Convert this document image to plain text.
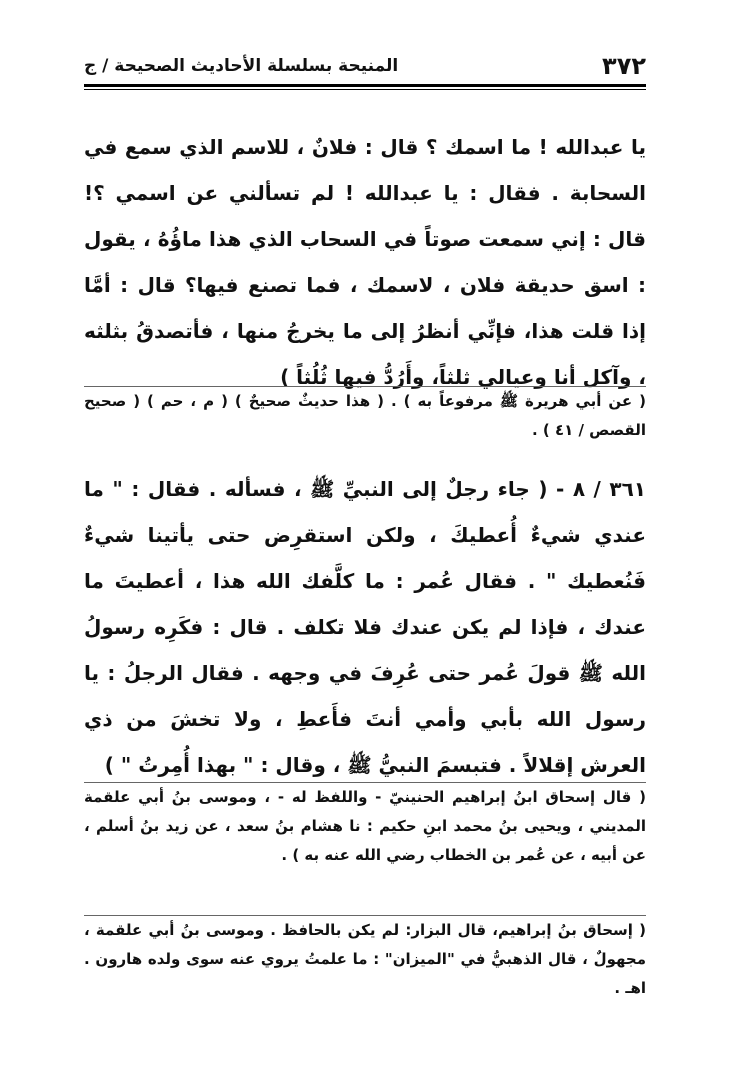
٣٧٢
المنيحة بسلسلة الأحاديث الصحيحة / ج

يا عبدالله ! ما اسمك ؟ قال : فلانٌ ، للاسم الذي سمع في السحابة . فقال : يا عبدالله ! لم تسألني عن اسمي ؟! قال : إني سمعت صوتاً في السحاب الذي هذا ماؤُهُ ، يقول : اسق حديقة فلان ، لاسمك ، فما تصنع فيها؟ قال : أمَّا إذا قلت هذا، فإنِّي أنظرُ إلى ما يخرجُ منها ، فأتصدقُ بثلثه ، وآكل أنا وعيالي ثلثاً، وأَرُدُّ فيها ثُلُثاً )

( عن أبي هريرة ﷺ مرفوعاً به ) . ( هذا حديثٌ صحيحٌ ) ( م ، حم ) ( صحيح القصص / ٤١ ) .

٣٦١ / ٨ - ( جاء رجلٌ إلى النبيِّ ﷺ ، فسأله . فقال : " ما عندي شيءٌ أُعطيكَ ، ولكن استقرِض حتى يأتينا شيءٌ فَنُعطيك " . فقال عُمر : ما كلَّفك الله هذا ، أعطيتَ ما عندك ، فإذا لم يكن عندك فلا تكلف . قال : فكَرِه رسولُ الله ﷺ قولَ عُمر حتى عُرِفَ في وجهه . فقال الرجلُ : يا رسول الله بأبي وأمي أنتَ فأَعطِ ، ولا تخشَ من ذي العرش إقلالاً . فتبسمَ النبيُّ ﷺ ، وقال : " بهذا أُمِرتُ " )

( قال إسحاق ابنُ إبراهيم الحنينيّ - واللفظ له - ، وموسى بنُ أبي علقمة المديني ، ويحيى بنُ محمد ابنِ حكيم : نا هشام بنُ سعد ، عن زيد بنُ أسلم ، عن أبيه ، عن عُمر بن الخطاب رضي الله عنه به ) .

( إسحاق بنُ إبراهيم، قال البزار: لم يكن بالحافظ . وموسى بنُ أبي علقمة ، مجهولٌ ، قال الذهبيُّ في "الميزان" : ما علمتُ يروي عنه سوى ولده هارون . اهـ .
